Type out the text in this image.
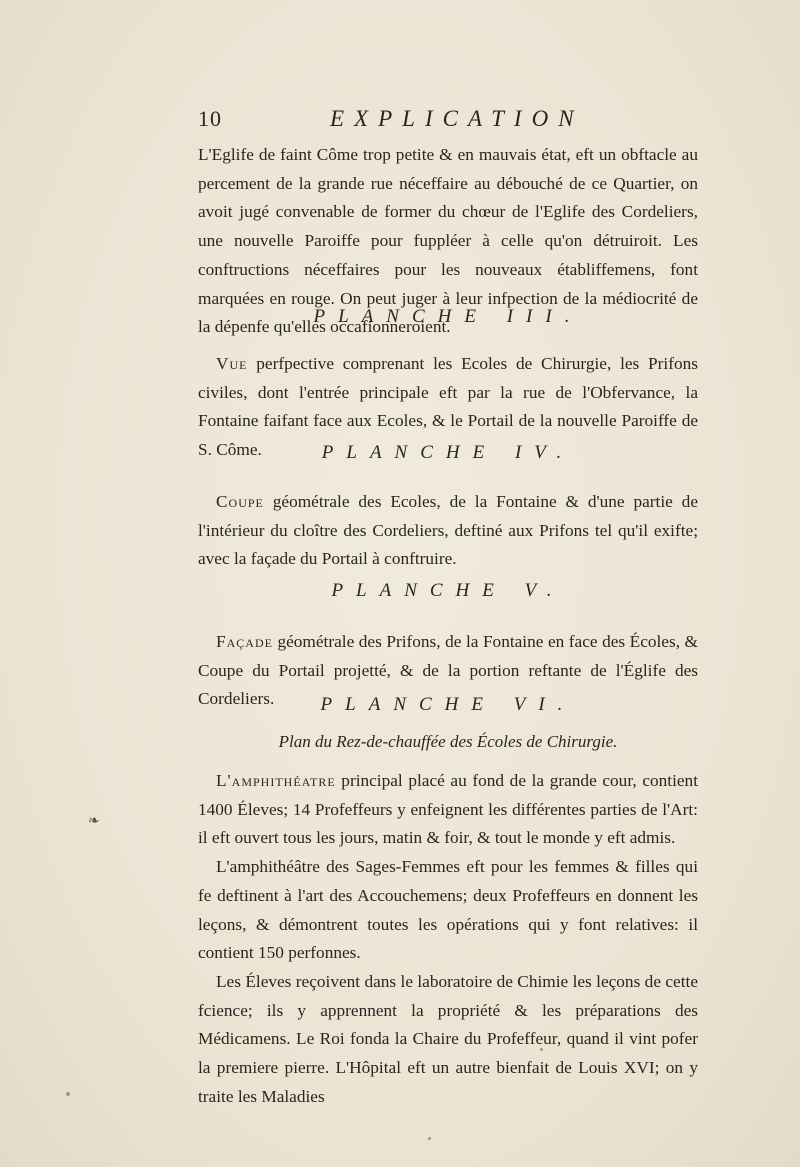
10	EXPLICATION

L'Eglife de faint Côme trop petite & en mauvais état, eft un obftacle au percement de la grande rue néceffaire au débouché de ce Quartier, on avoit jugé convenable de former du chœur de l'Eglife des Cordeliers, une nouvelle Paroiffe pour fuppléer à celle qu'on détruiroit. Les conftructions néceffaires pour les nouveaux établiffemens, font marquées en rouge. On peut juger à leur infpection de la médiocrité de la dépenfe qu'elles occafionneroient.

PLANCHE III.

Vue perfpective comprenant les Ecoles de Chirurgie, les Prifons civiles, dont l'entrée principale eft par la rue de l'Obfervance, la Fontaine faifant face aux Ecoles, & le Portail de la nouvelle Paroiffe de S. Côme.	PLANCHE IV.

Coupe géométrale des Ecoles, de la Fontaine & d'une partie de l'intérieur du cloître des Cordeliers, deftiné aux Prifons tel qu'il exifte; avec la façade du Portail à conftruire.

PLANCHE V.

Façade géométrale des Prifons, de la Fontaine en face des Écoles, & Coupe du Portail projetté, & de la portion reftante de l'Églife des Cordeliers.	PLANCHE VI.

Plan du Rez-de-chauffée des Écoles de Chirurgie.

L'amphithéatre principal placé au fond de la grande cour, contient 1400 Éleves; 14 Profeffeurs y enfeignent les différentes parties de l'Art: il eft ouvert tous les jours, matin & foir, & tout le monde y eft admis.

L'amphithéâtre des Sages-Femmes eft pour les femmes & filles qui fe deftinent à l'art des Accouchemens; deux Profeffeurs en donnent les leçons, & démontrent toutes les opérations qui y font relatives: il contient 150 perfonnes.

Les Éleves reçoivent dans le laboratoire de Chimie les leçons de cette fcience; ils y apprennent la propriété & les préparations des Médicamens. Le Roi fonda la Chaire du Profeffeur, quand il vint pofer la premiere pierre. L'Hôpital eft un autre bienfait de Louis XVI; on y traite les Maladies

❧
